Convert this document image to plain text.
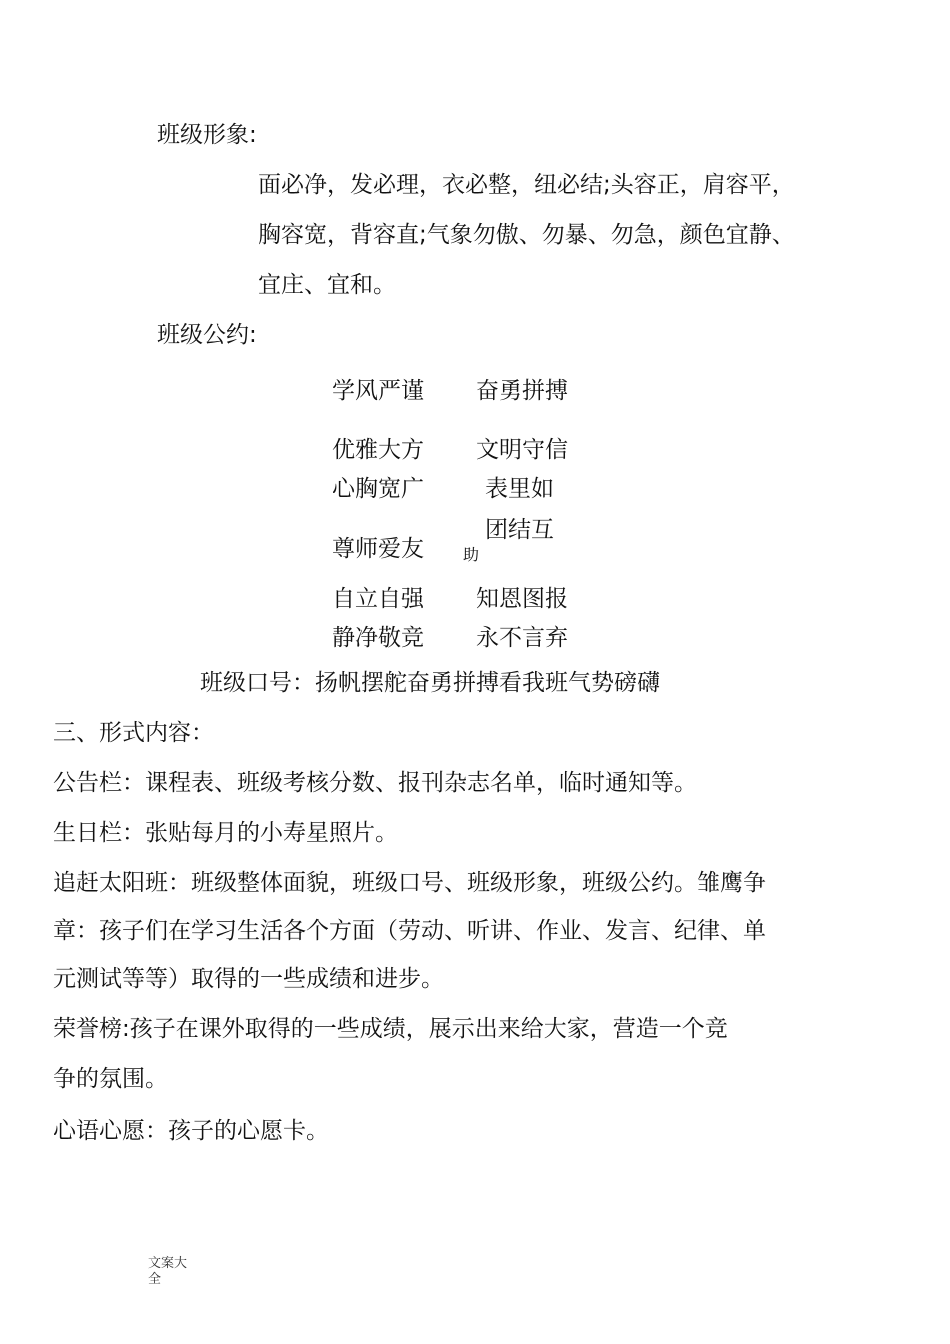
班级形象:
面必净，发必理，衣必整，纽必结;头容正，肩容平，
胸容宽，背容直;气象勿傲、勿暴、勿急，颜色宜静、
宜庄、宜和。
班级公约:
学风严谨 奋勇拼搏
优雅大方 文明守信
心胸宽广	表里如
团结互
尊师爱友 助
自立自强 知恩图报
静净敬竞 永不言弃
班级口号：扬帆摆舵奋勇拼搏看我班气势磅礴
三、形式内容：
公告栏：课程表、班级考核分数、报刊杂志名单，临时通知等。
生日栏：张贴每月的小寿星照片。
追赶太阳班：班级整体面貌，班级口号、班级形象，班级公约。雏鹰争
章：孩子们在学习生活各个方面（劳动、听讲、作业、发言、纪律、单
元测试等等）取得的一些成绩和进步。
荣誉榜:孩子在课外取得的一些成绩，展示出来给大家，营造一个竞
争的氛围。
心语心愿：孩子的心愿卡。
文案大
全
